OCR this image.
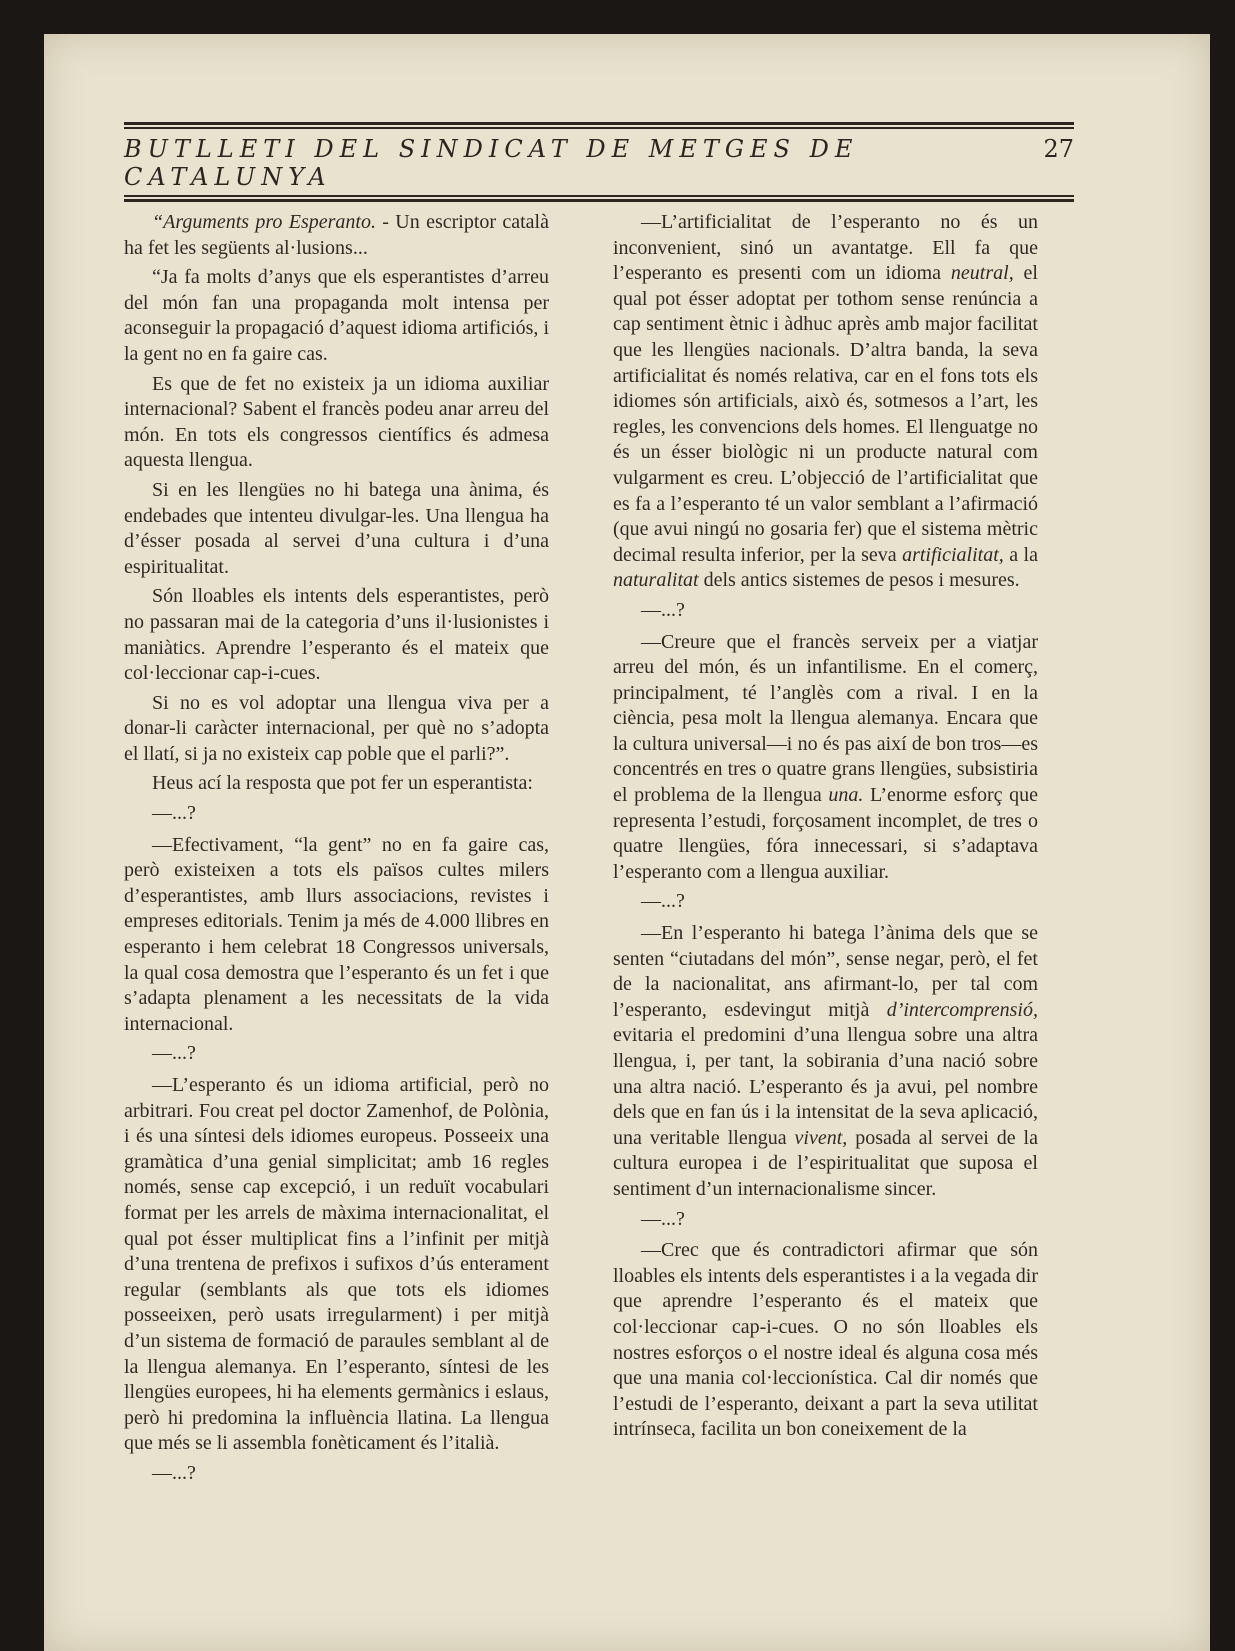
BUTLLETI DEL SINDICAT DE METGES DE CATALUNYA
27

“Arguments pro Esperanto. - Un escriptor català ha fet les següents al·lusions...

“Ja fa molts d’anys que els esperantistes d’arreu del món fan una propaganda molt intensa per aconseguir la propagació d’aquest idioma artificiós, i la gent no en fa gaire cas.

Es que de fet no existeix ja un idioma auxiliar internacional? Sabent el francès podeu anar arreu del món. En tots els congressos científics és admesa aquesta llengua.

Si en les llengües no hi batega una ànima, és endebades que intenteu divulgar-les. Una llengua ha d’ésser posada al servei d’una cultura i d’una espiritualitat.

Són lloables els intents dels esperantistes, però no passaran mai de la categoria d’uns il·lusionistes i maniàtics. Aprendre l’esperanto és el mateix que col·leccionar cap-i-cues.

Si no es vol adoptar una llengua viva per a donar-li caràcter internacional, per què no s’adopta el llatí, si ja no existeix cap poble que el parli?”.

Heus ací la resposta que pot fer un esperantista:

—...?

—Efectivament, “la gent” no en fa gaire cas, però existeixen a tots els països cultes milers d’esperantistes, amb llurs associacions, revistes i empreses editorials. Tenim ja més de 4.000 llibres en esperanto i hem celebrat 18 Congressos universals, la qual cosa demostra que l’esperanto és un fet i que s’adapta plenament a les necessitats de la vida internacional.

—...?

—L’esperanto és un idioma artificial, però no arbitrari. Fou creat pel doctor Zamenhof, de Polònia, i és una síntesi dels idiomes europeus. Posseeix una gramàtica d’una genial simplicitat; amb 16 regles només, sense cap excepció, i un reduït vocabulari format per les arrels de màxima internacionalitat, el qual pot ésser multiplicat fins a l’infinit per mitjà d’una trentena de prefixos i sufixos d’ús enterament regular (semblants als que tots els idiomes posseeixen, però usats irregularment) i per mitjà d’un sistema de formació de paraules semblant al de la llengua alemanya. En l’esperanto, síntesi de les llengües europees, hi ha elements germànics i eslaus, però hi predomina la influència llatina. La llengua que més se li assembla fonèticament és l’italià.

—...?

—L’artificialitat de l’esperanto no és un inconvenient, sinó un avantatge. Ell fa que l’esperanto es presenti com un idioma neutral, el qual pot ésser adoptat per tothom sense renúncia a cap sentiment ètnic i àdhuc après amb major facilitat que les llengües nacionals. D’altra banda, la seva artificialitat és només relativa, car en el fons tots els idiomes són artificials, això és, sotmesos a l’art, les regles, les convencions dels homes. El llenguatge no és un ésser biològic ni un producte natural com vulgarment es creu. L’objecció de l’artificialitat que es fa a l’esperanto té un valor semblant a l’afirmació (que avui ningú no gosaria fer) que el sistema mètric decimal resulta inferior, per la seva artificialitat, a la naturalitat dels antics sistemes de pesos i mesures.

—...?

—Creure que el francès serveix per a viatjar arreu del món, és un infantilisme. En el comerç, principalment, té l’anglès com a rival. I en la ciència, pesa molt la llengua alemanya. Encara que la cultura universal—i no és pas així de bon tros—es concentrés en tres o quatre grans llengües, subsistiria el problema de la llengua una. L’enorme esforç que representa l’estudi, forçosament incomplet, de tres o quatre llengües, fóra innecessari, si s’adaptava l’esperanto com a llengua auxiliar.

—...?

—En l’esperanto hi batega l’ànima dels que se senten “ciutadans del món”, sense negar, però, el fet de la nacionalitat, ans afirmant-lo, per tal com l’esperanto, esdevingut mitjà d’intercomprensió, evitaria el predomini d’una llengua sobre una altra llengua, i, per tant, la sobirania d’una nació sobre una altra nació. L’esperanto és ja avui, pel nombre dels que en fan ús i la intensitat de la seva aplicació, una veritable llengua vivent, posada al servei de la cultura europea i de l’espiritualitat que suposa el sentiment d’un internacionalisme sincer.

—...?

—Crec que és contradictori afirmar que són lloables els intents dels esperantistes i a la vegada dir que aprendre l’esperanto és el mateix que col·leccionar cap-i-cues. O no són lloables els nostres esforços o el nostre ideal és alguna cosa més que una mania col·leccionística. Cal dir només que l’estudi de l’esperanto, deixant a part la seva utilitat intrínseca, facilita un bon coneixement de la
